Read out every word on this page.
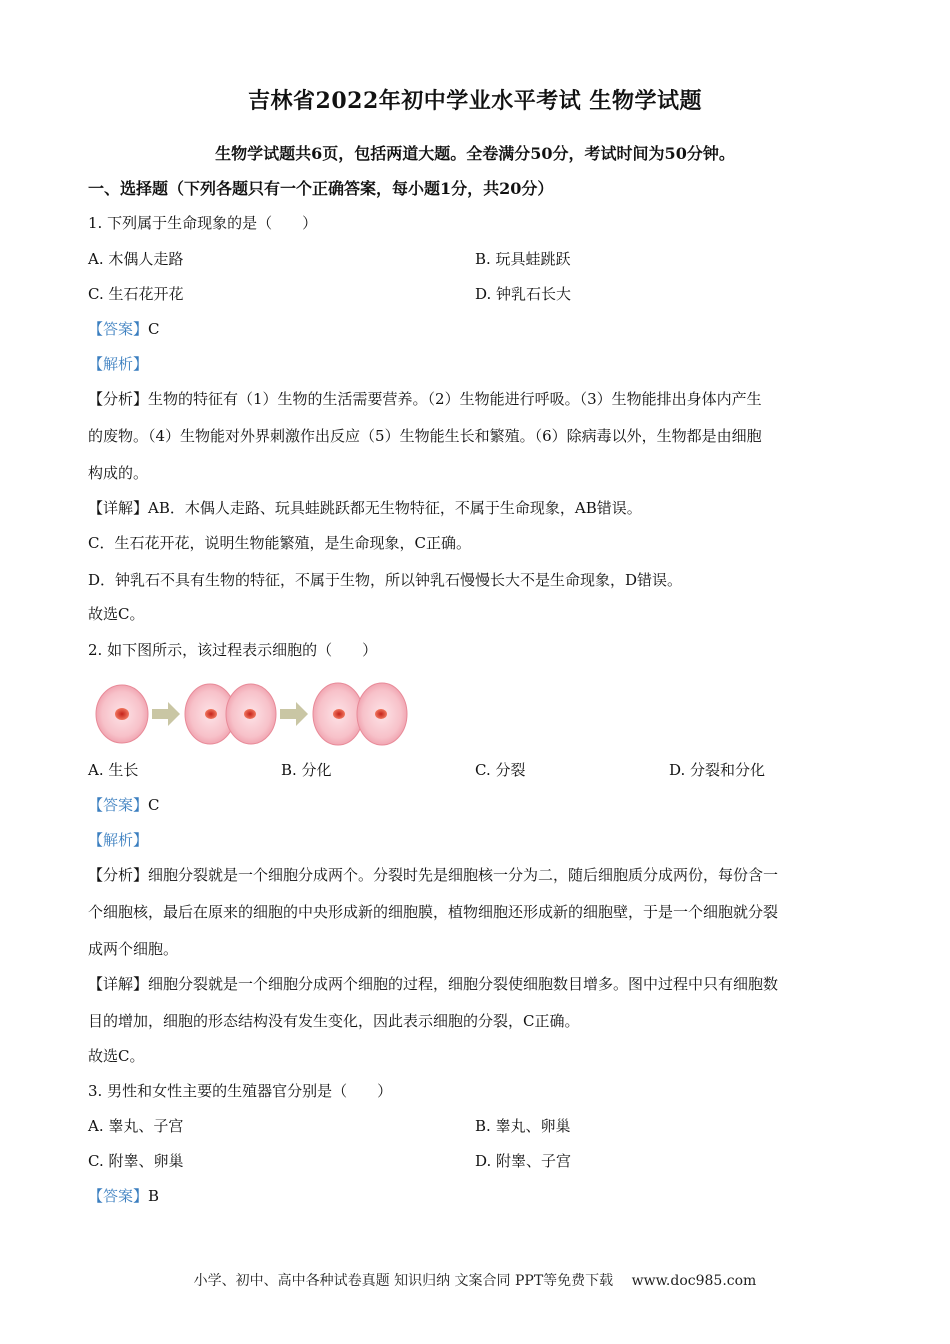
吉林省2022年初中学业水平考试 生物学试题
生物学试题共6页，包括两道大题。全卷满分50分，考试时间为50分钟。
一、选择题（下列各题只有一个正确答案，每小题1分，共20分）
1. 下列属于生命现象的是（　　）
A. 木偶人走路	B. 玩具蛙跳跃
C. 生石花开花	D. 钟乳石长大
【答案】C
【解析】
【分析】生物的特征有（1）生物的生活需要营养。（2）生物能进行呼吸。（3）生物能排出身体内产生
的废物。（4）生物能对外界刺激作出反应（5）生物能生长和繁殖。（6）除病毒以外，生物都是由细胞
构成的。
【详解】AB．木偶人走路、玩具蛙跳跃都无生物特征，不属于生命现象，AB错误。
C．生石花开花，说明生物能繁殖，是生命现象，C正确。
D．钟乳石不具有生物的特征，不属于生物，所以钟乳石慢慢长大不是生命现象，D错误。
故选C。
2. 如下图所示，该过程表示细胞的（　　）
A. 生长	B. 分化	C. 分裂	D. 分裂和分化
【答案】C
【解析】
【分析】细胞分裂就是一个细胞分成两个。分裂时先是细胞核一分为二，随后细胞质分成两份，每份含一
个细胞核，最后在原来的细胞的中央形成新的细胞膜，植物细胞还形成新的细胞壁，于是一个细胞就分裂
成两个细胞。
【详解】细胞分裂就是一个细胞分成两个细胞的过程，细胞分裂使细胞数目增多。图中过程中只有细胞数
目的增加，细胞的形态结构没有发生变化，因此表示细胞的分裂，C正确。
故选C。
3. 男性和女性主要的生殖器官分别是（　　）
A. 睾丸、子宫	B. 睾丸、卵巢
C. 附睾、卵巢	D. 附睾、子宫
【答案】B
小学、初中、高中各种试卷真题 知识归纳 文案合同 PPT等免费下载　 www.doc985.com
